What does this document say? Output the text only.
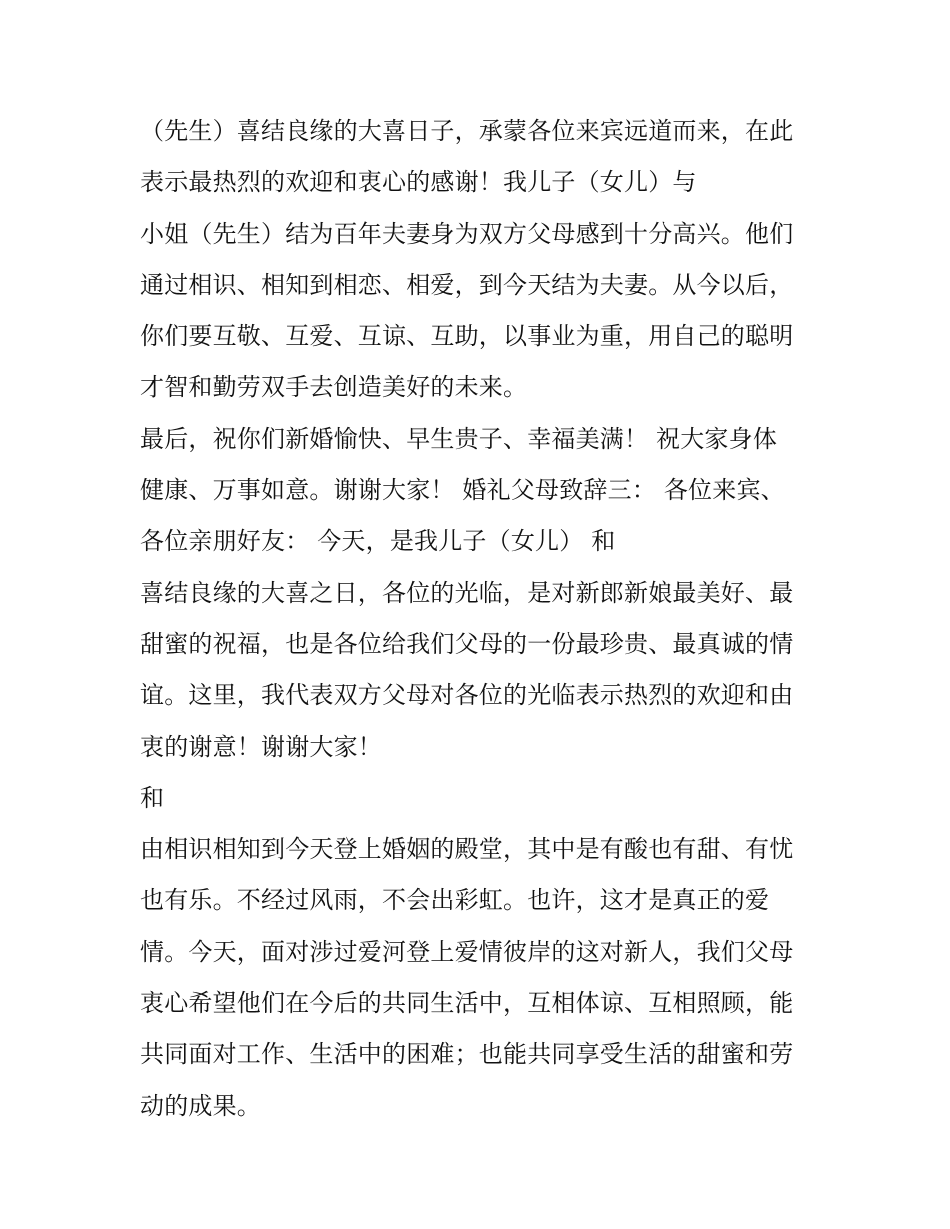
（先生）喜结良缘的大喜日子，承蒙各位来宾远道而来，在此
表示最热烈的欢迎和衷心的感谢！我儿子（女儿）与
小姐（先生）结为百年夫妻身为双方父母感到十分高兴。他们
通过相识、相知到相恋、相爱，到今天结为夫妻。从今以后，
你们要互敬、互爱、互谅、互助，以事业为重，用自己的聪明
才智和勤劳双手去创造美好的未来。
最后，祝你们新婚愉快、早生贵子、幸福美满！ 祝大家身体
健康、万事如意。谢谢大家！ 婚礼父母致辞三： 各位来宾、
各位亲朋好友： 今天，是我儿子（女儿） 和
喜结良缘的大喜之日，各位的光临，是对新郎新娘最美好、最
甜蜜的祝福，也是各位给我们父母的一份最珍贵、最真诚的情
谊。这里，我代表双方父母对各位的光临表示热烈的欢迎和由
衷的谢意！谢谢大家！
和
由相识相知到今天登上婚姻的殿堂，其中是有酸也有甜、有忧
也有乐。不经过风雨，不会出彩虹。也许，这才是真正的爱
情。今天，面对涉过爱河登上爱情彼岸的这对新人，我们父母
衷心希望他们在今后的共同生活中，互相体谅、互相照顾，能
共同面对工作、生活中的困难；也能共同享受生活的甜蜜和劳
动的成果。
